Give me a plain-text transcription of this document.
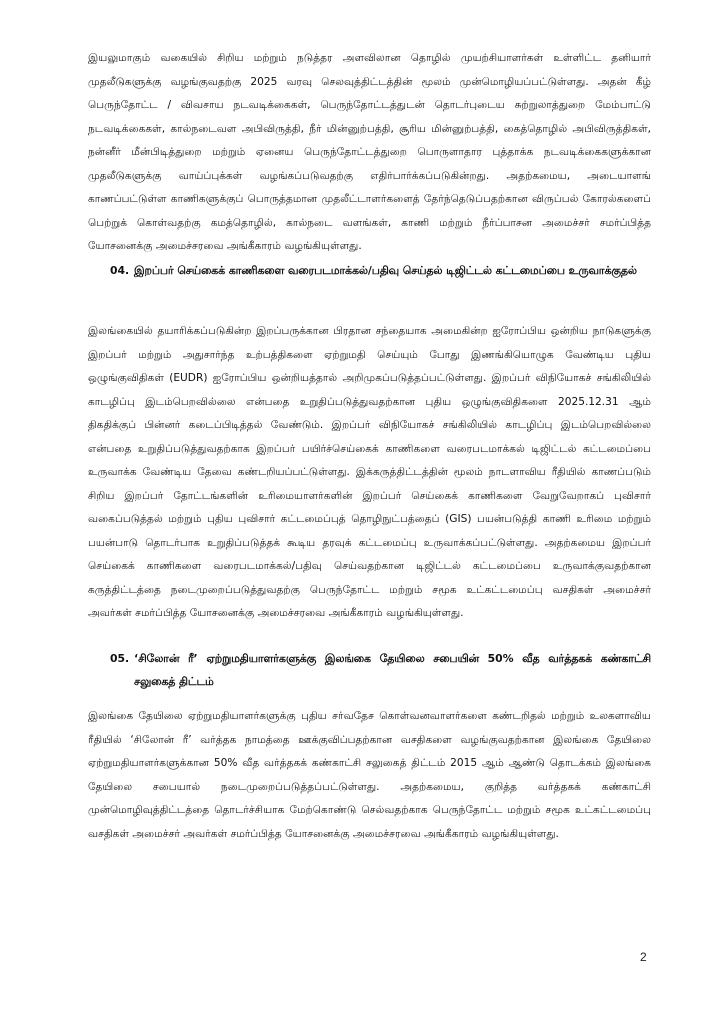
இயலுமாகும் வகையில் சிறிய மற்றும் நடுத்தர அளவிலான தொழில் முயற்சியாளர்கள் உள்ளிட்ட தனியார் முதலீடுகளுக்கு வழங்குவதற்கு 2025 வரவு செலவுத்திட்டத்தின் மூலம் முன்மொழியப்பட்டுள்ளது. அதன் கீழ் பெருந்தோட்ட / விவசாய நடவடிக்கைகள், பெருந்தோட்டத்துடன் தொடர்புடைய சுற்றுலாத்துறை மேம்பாட்டு நடவடிக்கைகள், கால்நடைவள அபிவிருத்தி, நீர் மின்னுற்பத்தி, சூரிய மின்னுற்பத்தி, கைத்தொழில் அபிவிருத்திகள், நன்னீர் மீன்பிடித்துறை மற்றும் ஏனைய பெருந்தோட்டத்துறை பொருளாதார புத்தாக்க நடவடிக்கைகளுக்கான முதலீடுகளுக்கு வாய்ப்புக்கள் வழங்கப்படுவதற்கு எதிர்பார்க்கப்படுகின்றது. அதற்கமைய, அடையாளங் காணப்பட்டுள்ள காணிகளுக்குப் பொருத்தமான முதலீட்டாளர்களைத் தேர்ந்தெடுப்பதற்கான விருப்பல் கோரல்களைப் பெற்றுக் கொள்வதற்கு கமத்தொழில், கால்நடை வளங்கள், காணி மற்றும் நீர்ப்பாசன அமைச்சர் சமர்ப்பித்த யோசனைக்கு அமைச்சரவை அங்கீகாரம் வழங்கியுள்ளது.

04. இறப்பர் செய்கைக் காணிகளை வரைபடமாக்கல்/பதிவு செய்தல் டிஜிட்டல் கட்டமைப்பை உருவாக்குதல்

இலங்கையில் தயாரிக்கப்படுகின்ற இறப்பருக்கான பிரதான சந்தையாக அமைகின்ற ஐரோப்பிய ஒன்றிய நாடுகளுக்கு இறப்பர் மற்றும் அதுசார்ந்த உற்பத்திகளை ஏற்றுமதி செய்யும் போது இணங்கியொழுக வேண்டிய புதிய ஒழுங்குவிதிகள் (EUDR) ஐரோப்பிய ஒன்றியத்தால் அறிமுகப்படுத்தப்பட்டுள்ளது. இறப்பர் விநியோகச் சங்கிலியில் காடழிப்பு இடம்பெறவில்லை என்பதை உறுதிப்படுத்துவதற்கான புதிய ஒழுங்குவிதிகளை 2025.12.31 ஆம் திகதிக்குப் பின்னர் கடைப்பிடித்தல் வேண்டும். இறப்பர் விநியோகச் சங்கிலியில் காடழிப்பு இடம்பெறவில்லை என்பதை உறுதிப்படுத்துவதற்காக இறப்பர் பயிர்ச்செய்கைக் காணிகளை வரைபடமாக்கல் டிஜிட்டல் கட்டமைப்பை உருவாக்க வேண்டிய தேவை கண்டறியப்பட்டுள்ளது. இக்கருத்திட்டத்தின் மூலம் நாடளாவிய ரீதியில் காணப்படும் சிறிய இறப்பர் தோட்டங்களின் உரிமையாளர்களின் இறப்பர் செய்கைக் காணிகளை வேறுவேறாகப் புவிசார் வகைப்படுத்தல் மற்றும் புதிய புவிசார் கட்டமைப்புத் தொழிநுட்பத்தைப் (GIS) பயன்படுத்தி காணி உரிமை மற்றும் பயன்பாடு தொடர்பாக உறுதிப்படுத்தக் கூடிய தரவுக் கட்டமைப்பு உருவாக்கப்பட்டுள்ளது. அதற்கமைய இறப்பர் செய்கைக் காணிகளை வரைபடமாக்கல்/பதிவு செய்வதற்கான டிஜிட்டல் கட்டமைப்பை உருவாக்குவதற்கான கருத்திட்டத்தை நடைமுறைப்படுத்துவதற்கு பெருந்தோட்ட மற்றும் சமூக உட்கட்டமைப்பு வசதிகள் அமைச்சர் அவர்கள் சமர்ப்பித்த யோசனைக்கு அமைச்சரவை அங்கீகாரம் வழங்கியுள்ளது.

05. ‘சிலோன் ரீ’ ஏற்றுமதியாளர்களுக்கு இலங்கை தேயிலை சபையின் 50% வீத வர்த்தகக் கண்காட்சி சலுகைத் திட்டம்

இலங்கை தேயிலை ஏற்றுமதியாளர்களுக்கு புதிய சர்வதேச கொள்வனவாளர்களை கண்டறிதல் மற்றும் உலகளாவிய ரீதியில் ‘சிலோன் ரீ’ வர்த்தக நாமத்தை ஊக்குவிப்பதற்கான வசதிகளை வழங்குவதற்கான இலங்கை தேயிலை ஏற்றுமதியாளர்களுக்கான 50% வீத வர்த்தகக் கண்காட்சி சலுகைத் திட்டம் 2015 ஆம் ஆண்டு தொடக்கம் இலங்கை தேயிலை சபையால் நடைமுறைப்படுத்தப்பட்டுள்ளது. அதற்கமைய, குறித்த வர்த்தகக் கண்காட்சி முன்மொழிவுத்திட்டத்தை தொடர்ச்சியாக மேற்கொண்டு செல்வதற்காக பெருந்தோட்ட மற்றும் சமூக உட்கட்டமைப்பு வசதிகள் அமைச்சர் அவர்கள் சமர்ப்பித்த யோசனைக்கு அமைச்சரவை அங்கீகாரம் வழங்கியுள்ளது.

2
